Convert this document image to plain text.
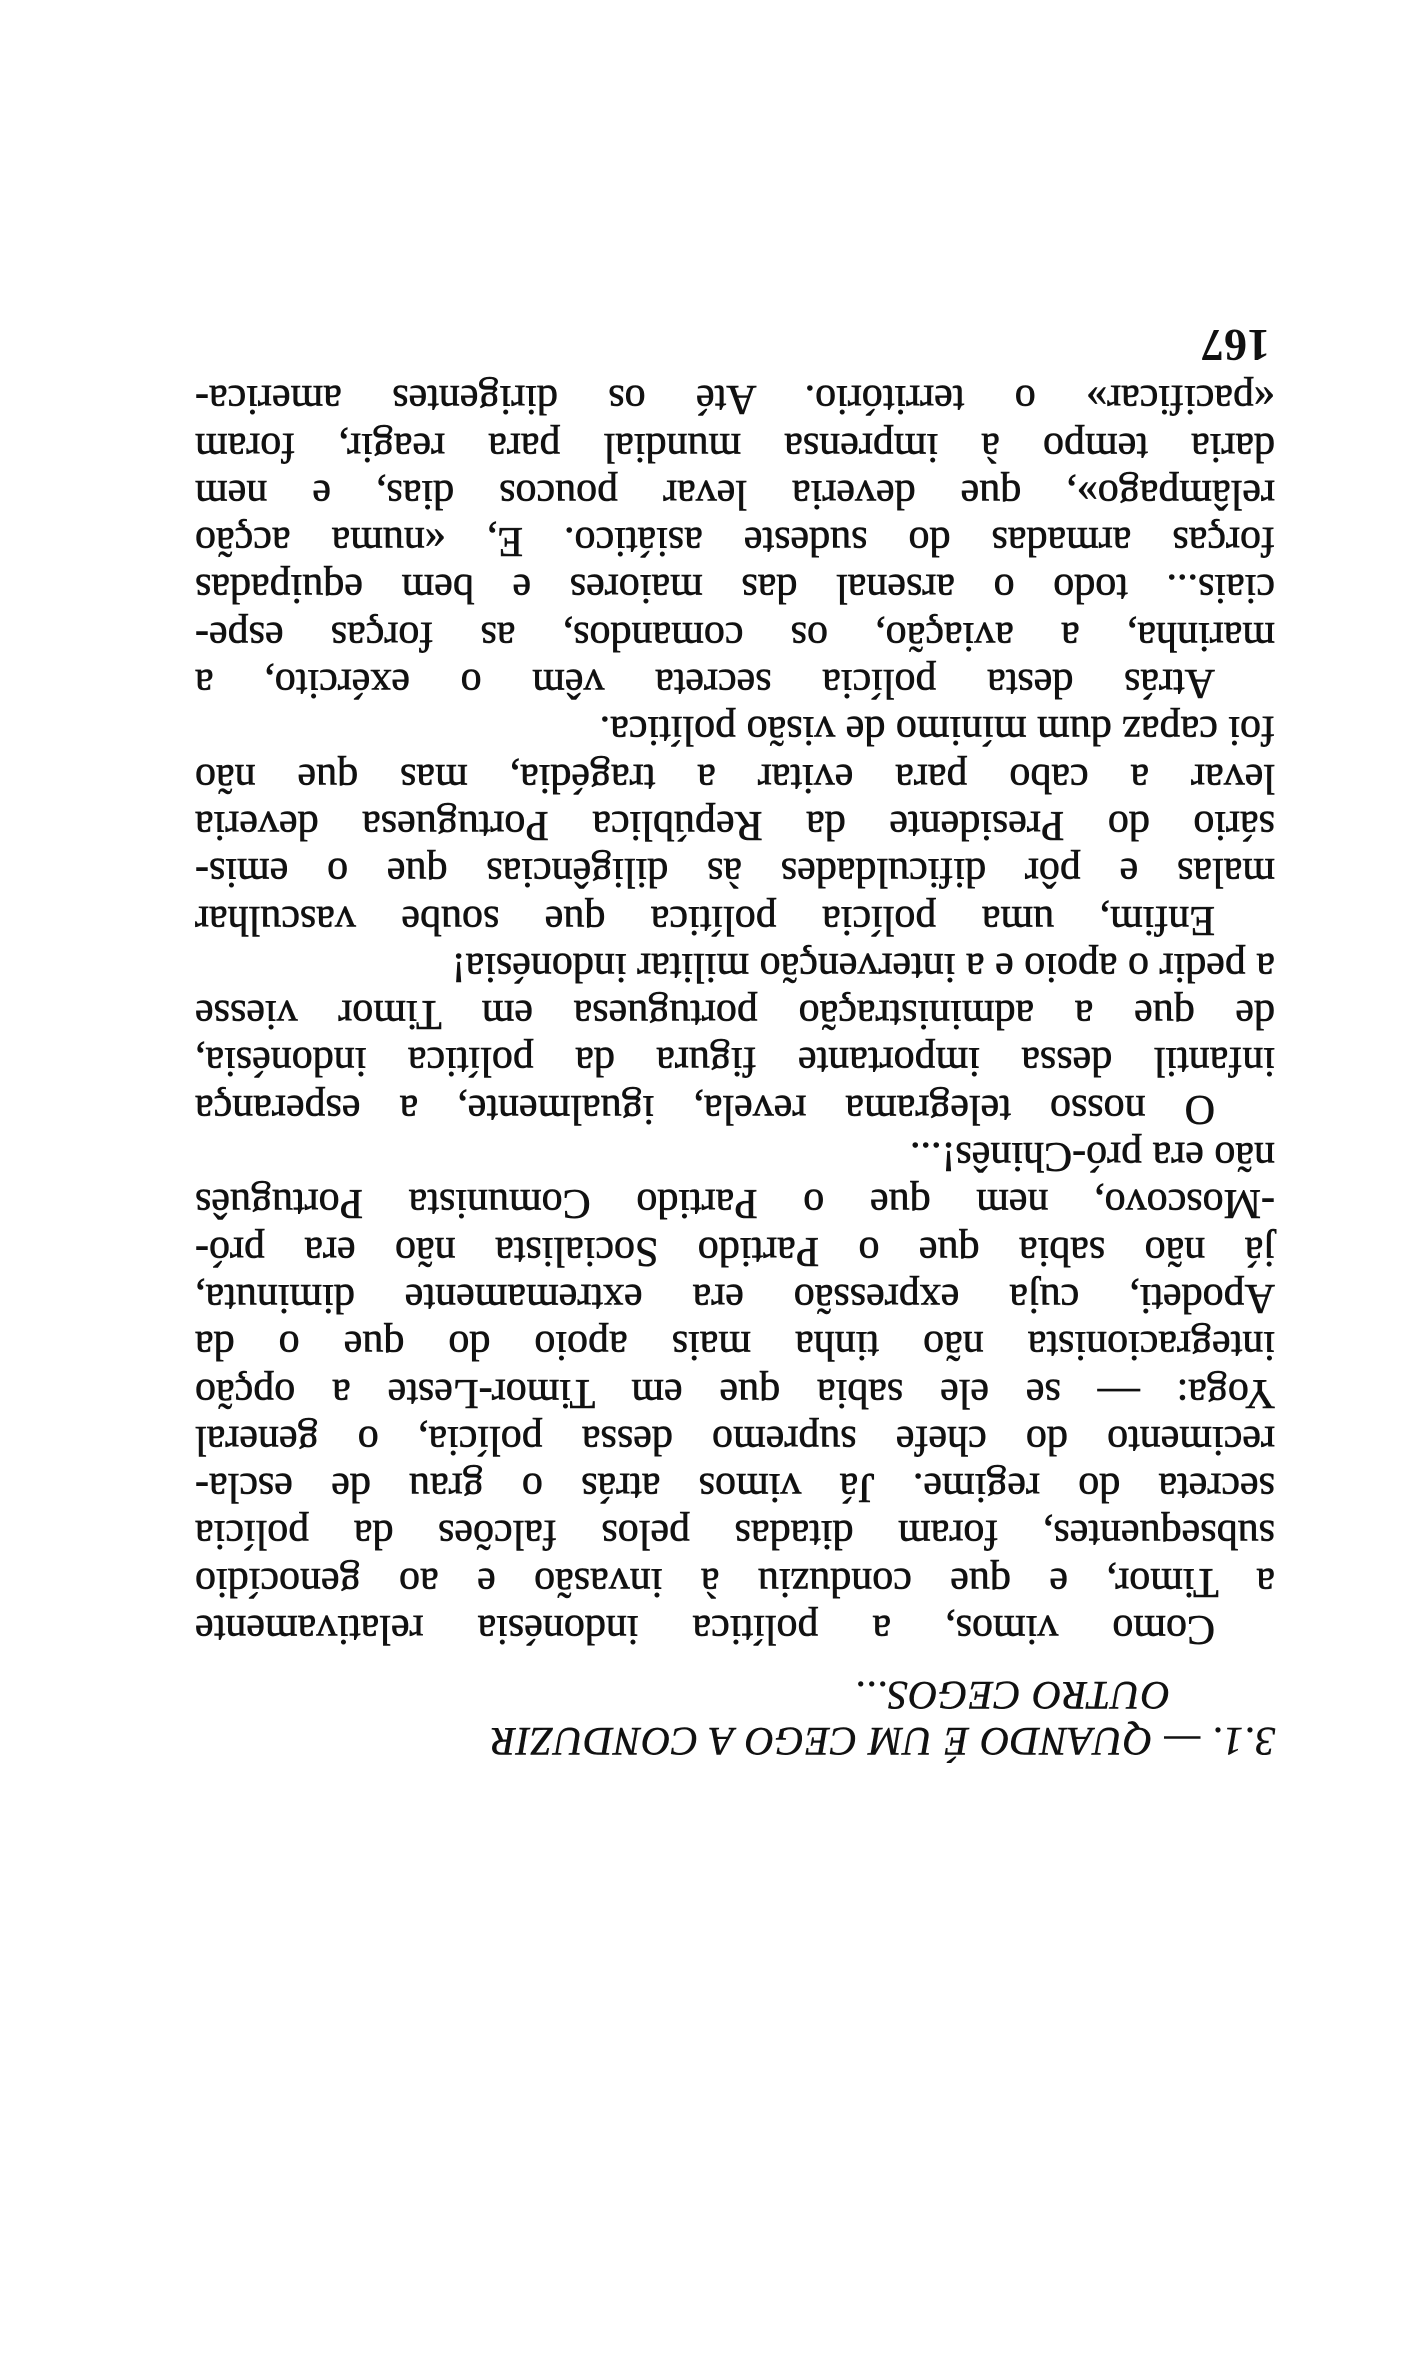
3.1. — QUANDO É UM CEGO A CONDUZIR
OUTRO CEGOS...
Como vimos, a política indonésia relativamente
a Timor, e que conduziu à invasão e ao genocídio
subsequentes, foram ditadas pelos falcões da polícia
secreta do regime. Já vimos atrás o grau de escla-
recimento do chefe supremo dessa polícia, o general
Yoga: — se ele sabia que em Timor-Leste a opção
integracionista não tinha mais apoio do que o da
Apodeti, cuja expressão era extremamente diminuta,
já não sabia que o Partido Socialista não era pró-
-Moscovo, nem que o Partido Comunista Português
não era pró-Chinês!...
O nosso telegrama revela, igualmente, a esperança
infantil dessa importante figura da política indonésia,
de que a administração portuguesa em Timor viesse
a pedir o apoio e a intervenção militar indonésia!
Enfim, uma polícia política que soube vasculhar
malas e pôr dificuldades às diligências que o emis-
sário do Presidente da República Portuguesa deveria
levar a cabo para evitar a tragédia, mas que não
foi capaz dum mínimo de visão política.
Atrás desta polícia secreta vêm o exército, a
marinha, a aviação, os comandos, as forças espe-
ciais... todo o arsenal das maiores e bem equipadas
forças armadas do sudeste asiático. E, «numa acção
relâmpago», que deveria levar poucos dias, e nem
daria tempo à imprensa mundial para reagir, foram
«pacificar» o território. Até os dirigentes america-
167
